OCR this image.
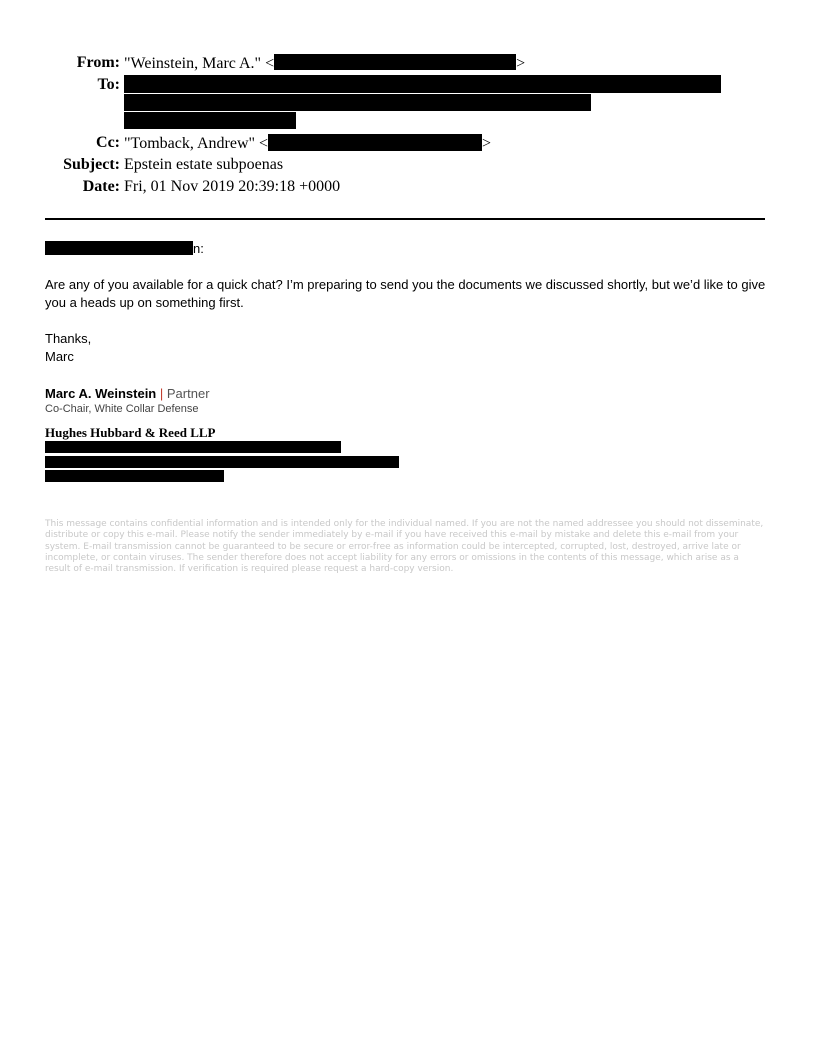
From: "Weinstein, Marc A." <	>
To:
Cc: "Tomback, Andrew" <	>
Subject: Epstein estate subpoenas
Date: Fri, 01 Nov 2019 20:39:18 +0000
n:
Are any of you available for a quick chat? I’m preparing to send you the documents we discussed shortly, but we’d like to give you a heads up on something first.
Thanks,
Marc
Marc A. Weinstein | Partner
Co-Chair, White Collar Defense
Hughes Hubbard & Reed LLP
This message contains confidential information and is intended only for the individual named. If you are not the named addressee you should not disseminate, distribute or copy this e-mail. Please notify the sender immediately by e-mail if you have received this e-mail by mistake and delete this e-mail from your system. E-mail transmission cannot be guaranteed to be secure or error-free as information could be intercepted, corrupted, lost, destroyed, arrive late or incomplete, or contain viruses. The sender therefore does not accept liability for any errors or omissions in the contents of this message, which arise as a result of e-mail transmission. If verification is required please request a hard-copy version.
